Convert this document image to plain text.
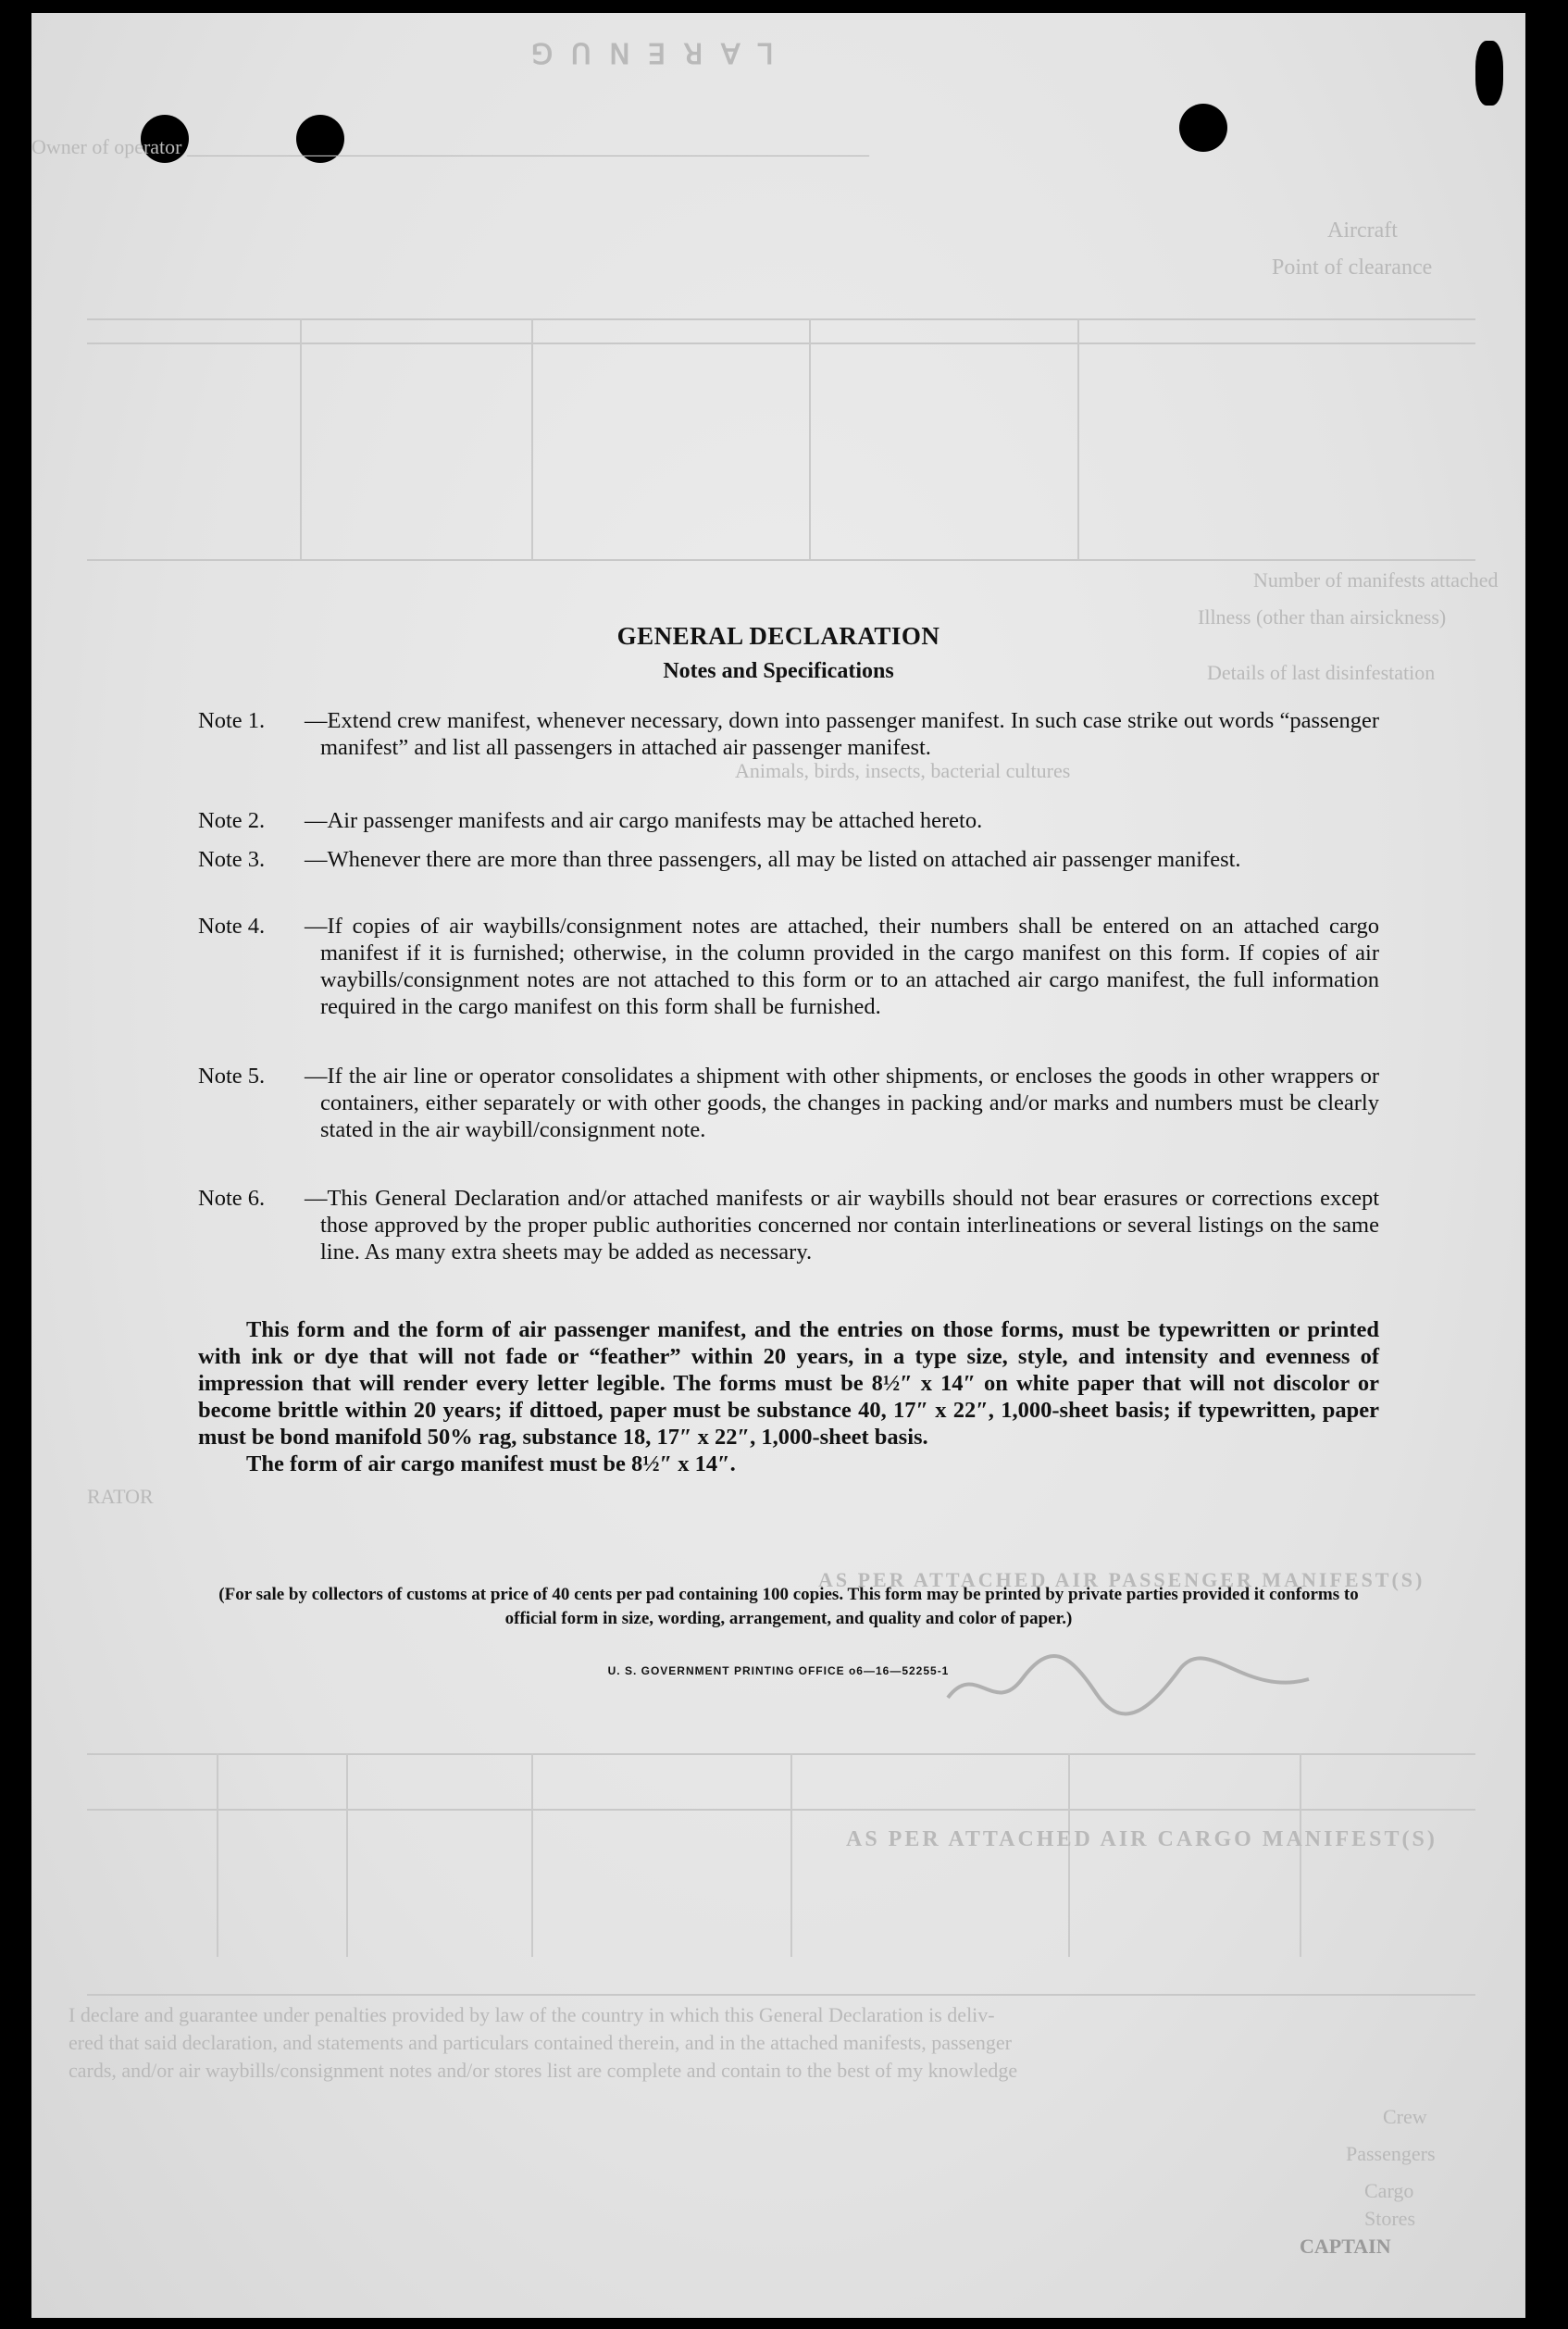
ꓨ ꓵ ꓠ ꓱ ꓤ ꓯ ꓶ
Owner of operator ___________________________________________________________________
Aircraft
Point of clearance
Number of manifests attached
Illness (other than airsickness)
Details of last disinfestation
Animals, birds, insects, bacterial cultures
RATOR
AS PER ATTACHED AIR PASSENGER MANIFEST(S)
AS PER ATTACHED AIR CARGO MANIFEST(S)
I declare and guarantee under penalties provided by law of the country in which this General Declaration is deliv-
ered that said declaration, and statements and particulars contained therein, and in the attached manifests, passenger
cards, and/or air waybills/consignment notes and/or stores list are complete and contain to the best of my knowledge
Crew
Passengers
Cargo
Stores
CAPTAIN
GENERAL DECLARATION
Notes and Specifications
Note 1.	—Extend crew manifest, whenever necessary, down into passenger manifest. In such case strike out words “passenger manifest” and list all passengers in attached air passenger manifest.
Note 2.	—Air passenger manifests and air cargo manifests may be attached hereto.
Note 3.	—Whenever there are more than three passengers, all may be listed on attached air passenger manifest.
Note 4.	—If copies of air waybills/consignment notes are attached, their numbers shall be entered on an attached cargo manifest if it is furnished; otherwise, in the column provided in the cargo manifest on this form. If copies of air waybills/consignment notes are not attached to this form or to an attached air cargo manifest, the full information required in the cargo manifest on this form shall be furnished.
Note 5.	—If the air line or operator consolidates a shipment with other shipments, or encloses the goods in other wrappers or containers, either separately or with other goods, the changes in packing and/or marks and numbers must be clearly stated in the air waybill/consignment note.
Note 6.	—This General Declaration and/or attached manifests or air waybills should not bear erasures or corrections except those approved by the proper public authorities concerned nor contain interlineations or several listings on the same line. As many extra sheets may be added as necessary.

This form and the form of air passenger manifest, and the entries on those forms, must be typewritten or printed with ink or dye that will not fade or “feather” within 20 years, in a type size, style, and intensity and evenness of impression that will render every letter legible. The forms must be 8½″ x 14″ on white paper that will not discolor or become brittle within 20 years; if dittoed, paper must be substance 40, 17″ x 22″, 1,000-sheet basis; if typewritten, paper must be bond manifold 50% rag, substance 18, 17″ x 22″, 1,000-sheet basis.

The form of air cargo manifest must be 8½″ x 14″.

(For sale by collectors of customs at price of 40 cents per pad containing 100 copies. This form may be printed by private parties provided it conforms to official form in size, wording, arrangement, and quality and color of paper.)
U. S. GOVERNMENT PRINTING OFFICE o6—16—52255-1
